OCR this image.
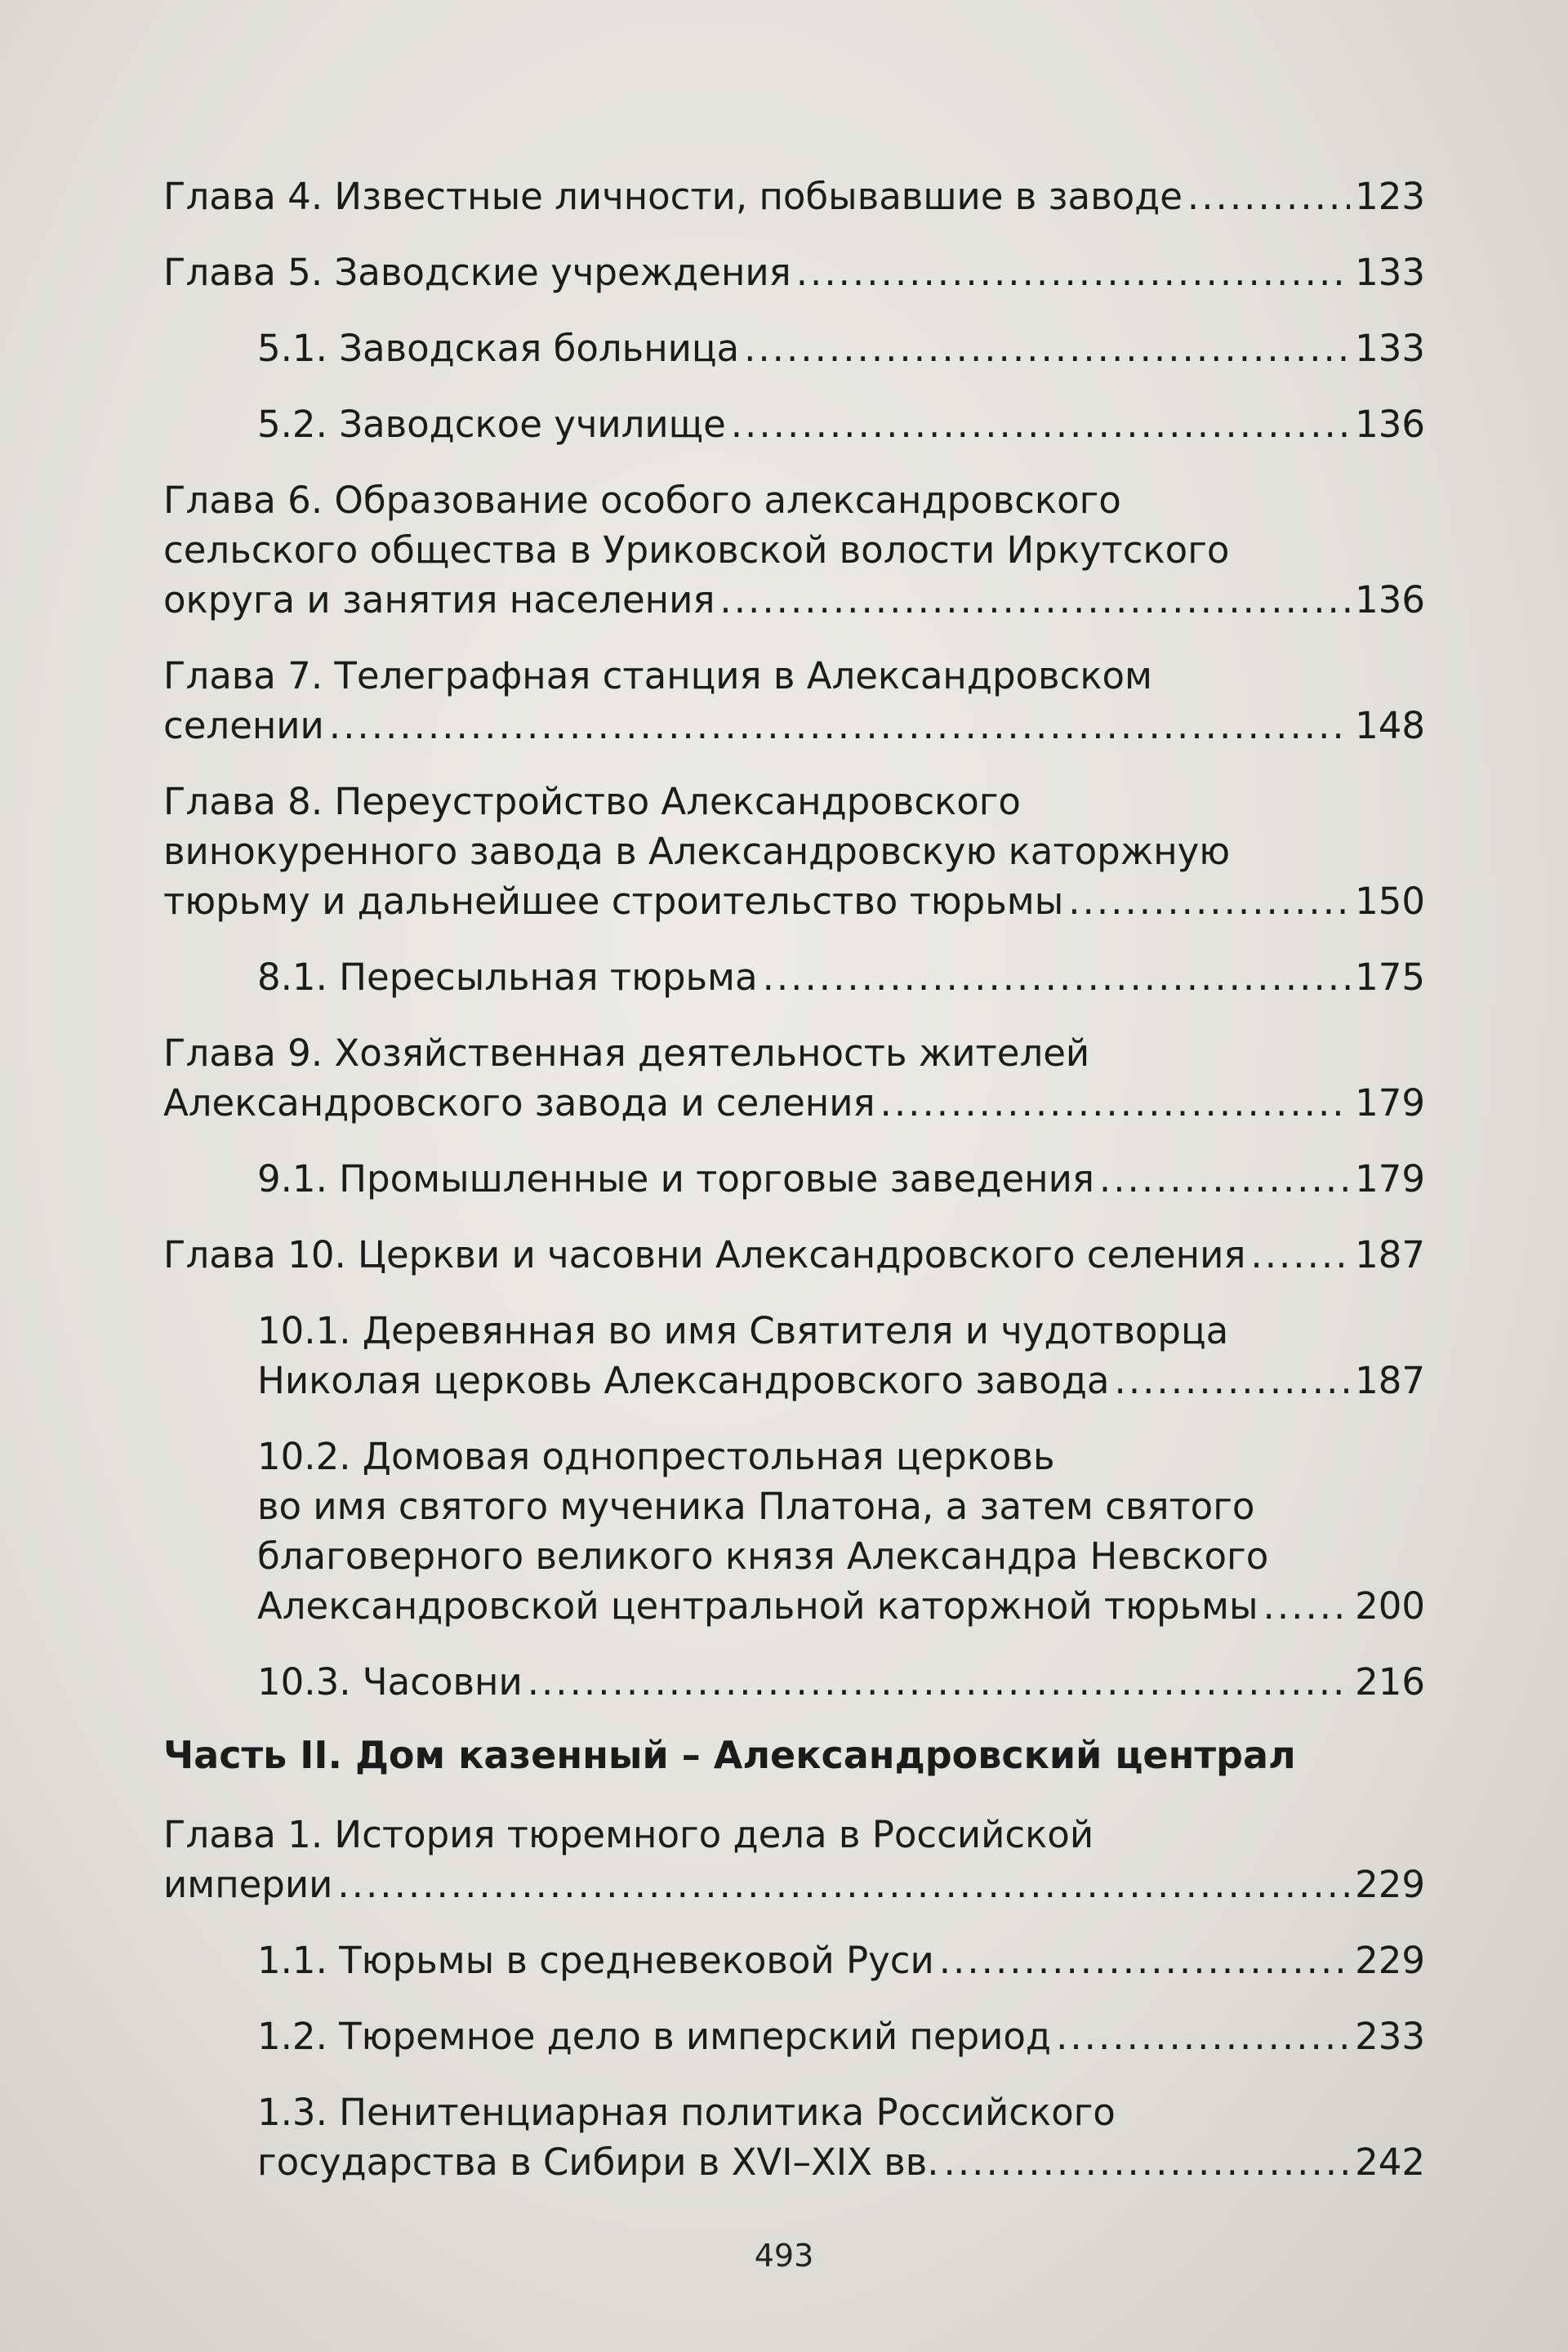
Глава 4. Известные личности, побывавшие в заводе .....	123
Глава 5. Заводские учреждения .....	133
5.1. Заводская больница .....	133
5.2. Заводское училище .....	136
Глава 6. Образование особого александровского
сельского общества в Уриковской волости Иркутского
округа и занятия населения .....	136
Глава 7. Телеграфная станция в Александровском
селении .....	148
Глава 8. Переустройство Александровского
винокуренного завода в Александровскую каторжную
тюрьму и дальнейшее строительство тюрьмы .....	150
8.1. Пересыльная тюрьма .....	175
Глава 9. Хозяйственная деятельность жителей
Александровского завода и селения .....	179
9.1. Промышленные и торговые заведения .....	179
Глава 10. Церкви и часовни Александровского селения .....	187
10.1. Деревянная во имя Святителя и чудотворца
Николая церковь Александровского завода .....	187
10.2. Домовая однопрестольная церковь
во имя святого мученика Платона, а затем святого
благоверного великого князя Александра Невского
Александровской центральной каторжной тюрьмы .....	200
10.3. Часовни .....	216
Часть II. Дом казенный – Александровский централ
Глава 1. История тюремного дела в Российской
империи .....	229
1.1. Тюрьмы в средневековой Руси .....	229
1.2. Тюремное дело в имперский период .....	233
1.3. Пенитенциарная политика Российского
государства в Сибири в XVI–XIX вв. .....	242
493
